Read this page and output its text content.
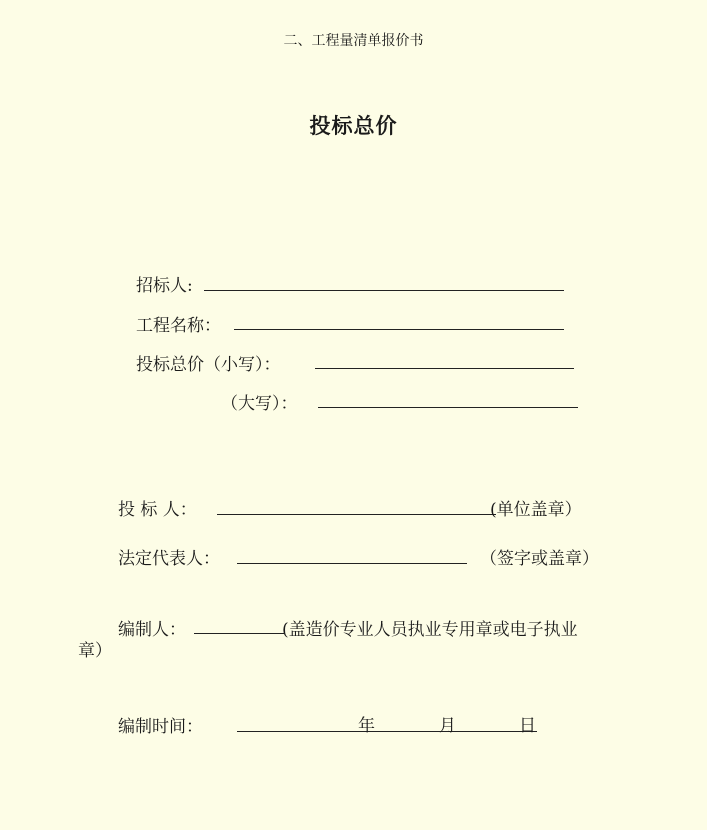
二、工程量清单报价书
投标总价
招标人:
工程名称：
投标总价（小写）：
（大写）：
投 标 人：	(单位盖章）
法定代表人：	（签字或盖章）
编制人：	(盖造价专业人员执业专用章或电子执业
章）
编制时间：	年	月	日
